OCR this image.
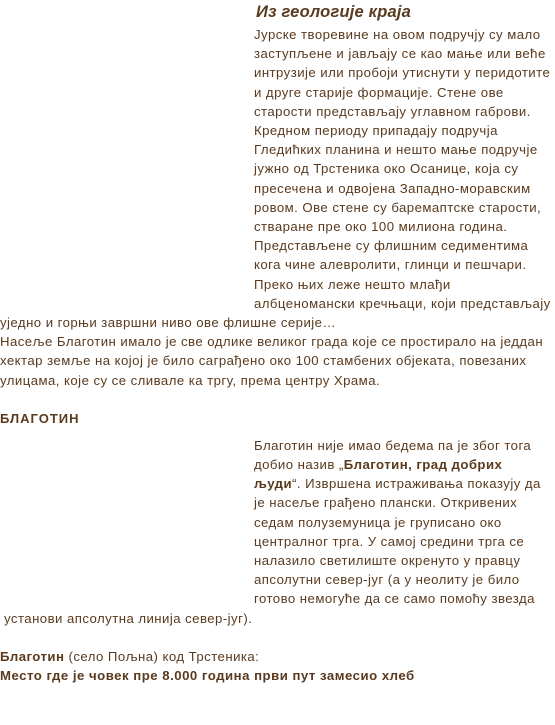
Из геологије краја

Јурске творевине на овом подручју су мало заступљене и јављају се као мање или веће интрузије или пробоји утиснути у перидотите и друге старије формације. Стене ове старости представљају углавном габрови. Кредном периоду припадају подручја Гледићких планина и нешто мање подручје јужно од Трстеника око Осанице, која су пресечена и одвојена Западно-моравским ровом. Ове стене су баремаптске старости, стваране пре око 100 милиона година. Представљене су флишним седиментима кога чине алевролити, глинци и пешчари. Преко њих леже нешто млађи албценомански кречњаци, који представљају уједно и горњи завршни ниво ове флишне серије…

Насеље Благотин имало је све одлике великог града које се простирало на једдан хектар земље на којој је било саграђено око 100 стамбених објеката, повезаних улицама, које су се сливале ка тргу, према центру Храма.

БЛАГОТИН

Благотин није имао бедема па је због тога добио назив „Благотин, град добрих људи“. Извршена истраживања показују да је насеље грађено плански. Откривених седам полуземуница је груписано око централног трга. У самој средини трга се налазило светилиште окренуто у правцу апсолутни север-југ (а у неолиту је било готово немогуће да се само помоћу звезда установи апсолутна линија север-југ).

Благотин (село Пољна) код Трстеника:

Место где је човек пре 8.000 година први пут замесио хлеб
